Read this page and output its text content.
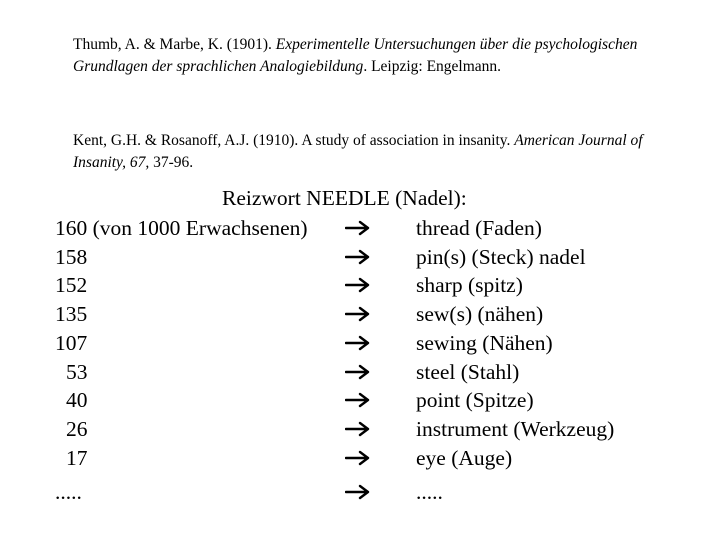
Thumb, A. & Marbe, K. (1901). Experimentelle Untersuchungen über die psychologischen Grundlagen der sprachlichen Analogiebildung. Leipzig: Engelmann.
Kent, G.H. & Rosanoff, A.J. (1910). A study of association in insanity. American Journal of Insanity, 67, 37-96.
Reizwort NEEDLE (Nadel):
160 (von 1000 Erwachsenen)	thread (Faden)
158	pin(s) (Steck) nadel
152	sharp (spitz)
135	sew(s) (nähen)
107	sewing (Nähen)
53	steel (Stahl)
40	point (Spitze)
26	instrument (Werkzeug)
17	eye (Auge)
.....	.....
